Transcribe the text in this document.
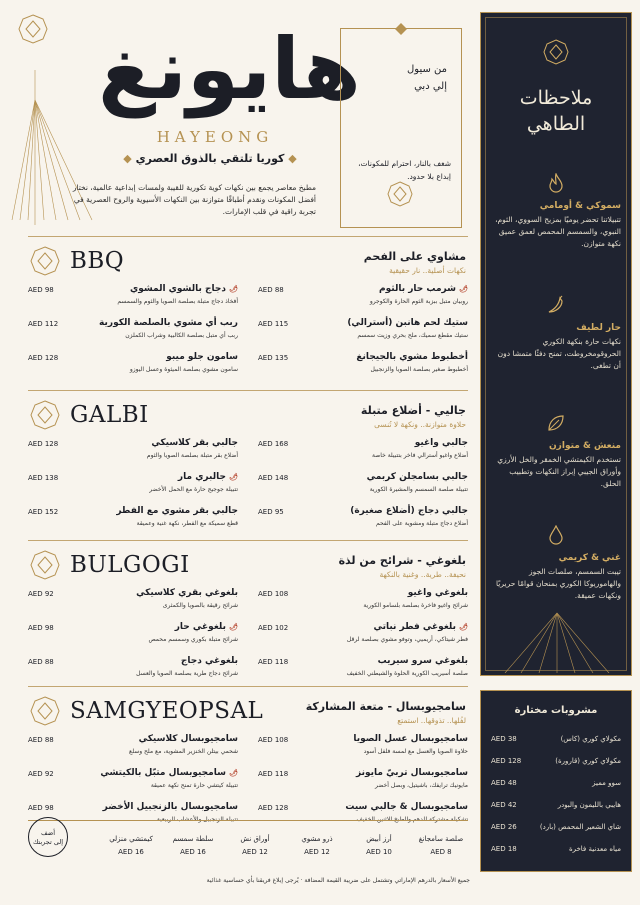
هايونغ
HAYEONG
◆ كوريا تلتقي بالذوق العصري ◆
مطبخ معاصر يجمع بين نكهات كوية تكورية للقيبة ولمسات إبداعية عالمية، نختار أفضل المكونات ونقدم أطباقًا متوازنة بين النكهات الأسيوية والروح العصرية في تجربة راقية في قلب الإمارات.
من سيول
إلي دبي
شغف بالنار، احترام للمكونات، إبداع بلا حدود.
BBQ	مشاوي على الفحم
نكهات أصلية.. نار حقيقية
🌶 شرمب حار بالثوم
روبيان متبل ببزبة الثوم الحارة والكوجرو
AED 88
🌶 دجاج بالشوي المشوي
أفخاذ دجاج متبلة بصلصة الصويا والثوم والسمسم
AED 98
ستيك لحم هانبن (أسترالي)
ستيك مقطع سميك، ملح بحري وزيت سمسم
AED 115
ربب أي مشوي بالصلصة الكورية
ربب أي متبل بصلصة الكالبية وشراب الكملزن
AED 112
أخطبوط مشوي بالجيجانغ
أخطبوط صغير بصلصة الصويا والزنجبيل
AED 135
سامون جلو ميبو
سامون مشوي بصلصة الميثوة وعسل اليوزو
AED 128
GALBI	جاليي - أضلاع متبلة
حلاوة متوازنة.. ونكهة لا تُنسى
جالبي واغيو
أضلاع واغيو أسترالي فاخر بتتبيلة خاصة
AED 168
جالبي بقر كلاسيكي
أضلاع بقر متبلة بصلصة الصويا والثوم
AED 128
جالبي بسامجلن كربمي
تتبيلة صلصة السمسم والمشيرة الكورية
AED 148
🌶 جالبري مار
تتبيلة جوجيج حارة مع الحمل الأخضر
AED 138
جالبي دجاج (أضلاع صغيرة)
أضلاع دجاج متبلة ومشوية على الفحم
AED 95
جالبي بقر مشوي مع الفطر
قطع سميكة مع الفطر، نكهة غنية وعميقة
AED 152
BULGOGI	بلغوغي - شرائح من لذة
نحيفة.. طرية.. وغنية بالنكهة
بلغوغي واغيو
شرائح واغيو فاخرة بصلصة بلسامو الكورية
AED 108
بلغوغي بقري كلاسيكي
شرائح رقيقة بالصويا والكمثرى
AED 92
🌶 بلغوغي فطر نباتي
فطر شيتاكي، أريميي، وتوفو مشوي بصلصة لرقل
AED 102
🌶 بلغوغي حار
شرائح متبلة بكوري وسمسم محمص
AED 98
بلغوغي سرو سيريب
صلصة أسيريب الكورية الحلوة والشيطني الخفيف
AED 118
بلغوغي دجاج
شرائح دجاج طرية بصلصة الصويا والعسل
AED 88
SAMGYEOPSAL	سامجيوبسال - متعة المشاركة
لفُلها.. تذوقها.. استمتع
سامجيوبسال عسل الصويا
حلاوة الصويا والعسل مع لمسة فلفل أسود
AED 108
سامجيوبسال كلاسيكي
شحمي بيتلن الخنزير المشوية، مع ملح وسلع
AED 88
سامجيوبسال تربيّ مايونز
مايونيك ترايفك، باشيتيل، وبصل أخضر
AED 118
🌶 سامجيوبسال متبّل بالكيتشي
تتبيلة كيتشي حارة تمنح نكهة عميقة
AED 92
سامجيوبسال & جالبي سيت
تشكيلة مشتركة للدهم والطبخ للاثنين الخفيف
AED 128
سامجيوبسال بالزنجبيل الأخضر
تتبيلة الزنجبيل والأعشاب الربيعية
AED 98
أضف
إلى تجربتك	صلصة سامجانغ
AED 8
أرز أبيض
AED 10
ذرو مشوي
AED 12
أوراق نش
AED 12
سلطة سمسم
AED 16
كيمتشي منزلي
AED 16
جميع الأسعار بالدرهم الإماراتي وتشتمل على ضريبة القيمة المضافة · يُرجى إبلاغ فريقنا بأي حساسية غذائية
ملاحظات
الطاهي
سموكي & أومامي
تتبيلاتنا تحضر يوميًا بمزيج السووي، الثوم، النبوي، والسمسم المحمص لعمق عميق نكهة متوازن.
حار لطيف
نكهات حارة بنكهة الكوري الحروقومخروطت، تمنح دفئًا متمشا دون أن تطغى.
منعش & متوازن
تستخدم الكيمتشي الخمقر والخل الأرزي وأوراق الجيبي إبراز النكهات وتطبيب الحلق.
غني & كريمي
تيبت السمسم، صلصات الجوز والهاموريوكا الكوري بمنحان قوامًا حريريًا ونكهات عميقة.
مشروبات مختارة
مكولاي كوري (كاس)
AED 38
مكولاي كوري (قارورة)
AED 128
سوو مميز
AED 48
هايبي بالليمون والبودر
AED 42
شاي الشعير المحمص (بارد)
AED 26
مياه معدنية فاخرة
AED 18
